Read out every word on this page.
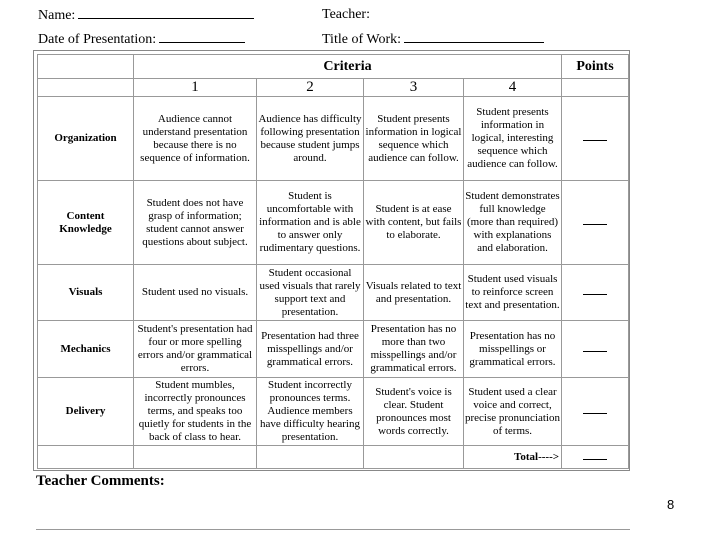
Name:	Teacher:
Date of Presentation:	Title of Work:
	Criteria				Points
	1	2	3	4	
Organization	Audience cannot understand presentation because there is no sequence of information.	Audience has difficulty following presentation because student jumps around.	Student presents information in logical sequence which audience can follow.	Student presents information in logical, interesting sequence which audience can follow.	
Content Knowledge	Student does not have grasp of information; student cannot answer questions about subject.	Student is uncomfortable with information and is able to answer only rudimentary questions.	Student is at ease with content, but fails to elaborate.	Student demonstrates full knowledge (more than required) with explanations and elaboration.	
Visuals	Student used no visuals.	Student occasional used visuals that rarely support text and presentation.	Visuals related to text and presentation.	Student used visuals to reinforce screen text and presentation.	
Mechanics	Student's presentation had four or more spelling errors and/or grammatical errors.	Presentation had three misspellings and/or grammatical errors.	Presentation has no more than two misspellings and/or grammatical errors.	Presentation has no misspellings or grammatical errors.	
Delivery	Student mumbles, incorrectly pronounces terms, and speaks too quietly for students in the back of class to hear.	Student incorrectly pronounces terms. Audience members have difficulty hearing presentation.	Student's voice is clear. Student pronounces most words correctly.	Student used a clear voice and correct, precise pronunciation of terms.	
				Total---->	
Teacher Comments:
8
